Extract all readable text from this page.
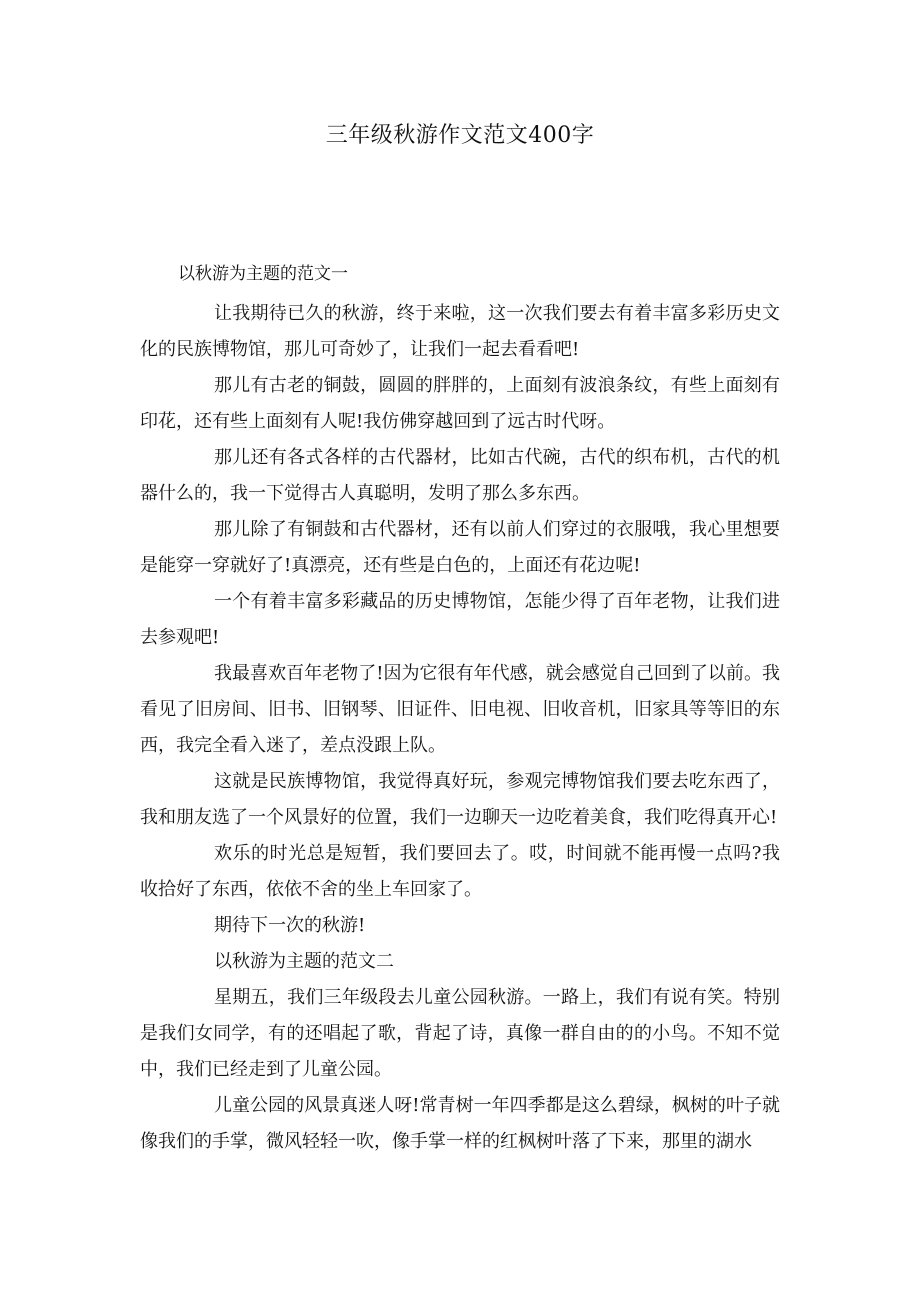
三年级秋游作文范文400字
以秋游为主题的范文一

让我期待已久的秋游，终于来啦，这一次我们要去有着丰富多彩历史文化的民族博物馆，那儿可奇妙了，让我们一起去看看吧!

那儿有古老的铜鼓，圆圆的胖胖的，上面刻有波浪条纹，有些上面刻有印花，还有些上面刻有人呢!我仿佛穿越回到了远古时代呀。

那儿还有各式各样的古代器材，比如古代碗，古代的织布机，古代的机器什么的，我一下觉得古人真聪明，发明了那么多东西。

那儿除了有铜鼓和古代器材，还有以前人们穿过的衣服哦，我心里想要是能穿一穿就好了!真漂亮，还有些是白色的，上面还有花边呢!

一个有着丰富多彩藏品的历史博物馆，怎能少得了百年老物，让我们进去参观吧!

我最喜欢百年老物了!因为它很有年代感，就会感觉自己回到了以前。我看见了旧房间、旧书、旧钢琴、旧证件、旧电视、旧收音机，旧家具等等旧的东西，我完全看入迷了，差点没跟上队。

这就是民族博物馆，我觉得真好玩，参观完博物馆我们要去吃东西了，我和朋友选了一个风景好的位置，我们一边聊天一边吃着美食，我们吃得真开心!

欢乐的时光总是短暂，我们要回去了。哎，时间就不能再慢一点吗?我收拾好了东西，依依不舍的坐上车回家了。

期待下一次的秋游!

以秋游为主题的范文二

星期五，我们三年级段去儿童公园秋游。一路上，我们有说有笑。特别是我们女同学，有的还唱起了歌，背起了诗，真像一群自由的的小鸟。不知不觉中，我们已经走到了儿童公园。

儿童公园的风景真迷人呀!常青树一年四季都是这么碧绿，枫树的叶子就像我们的手掌，微风轻轻一吹，像手掌一样的红枫树叶落了下来，那里的湖水
